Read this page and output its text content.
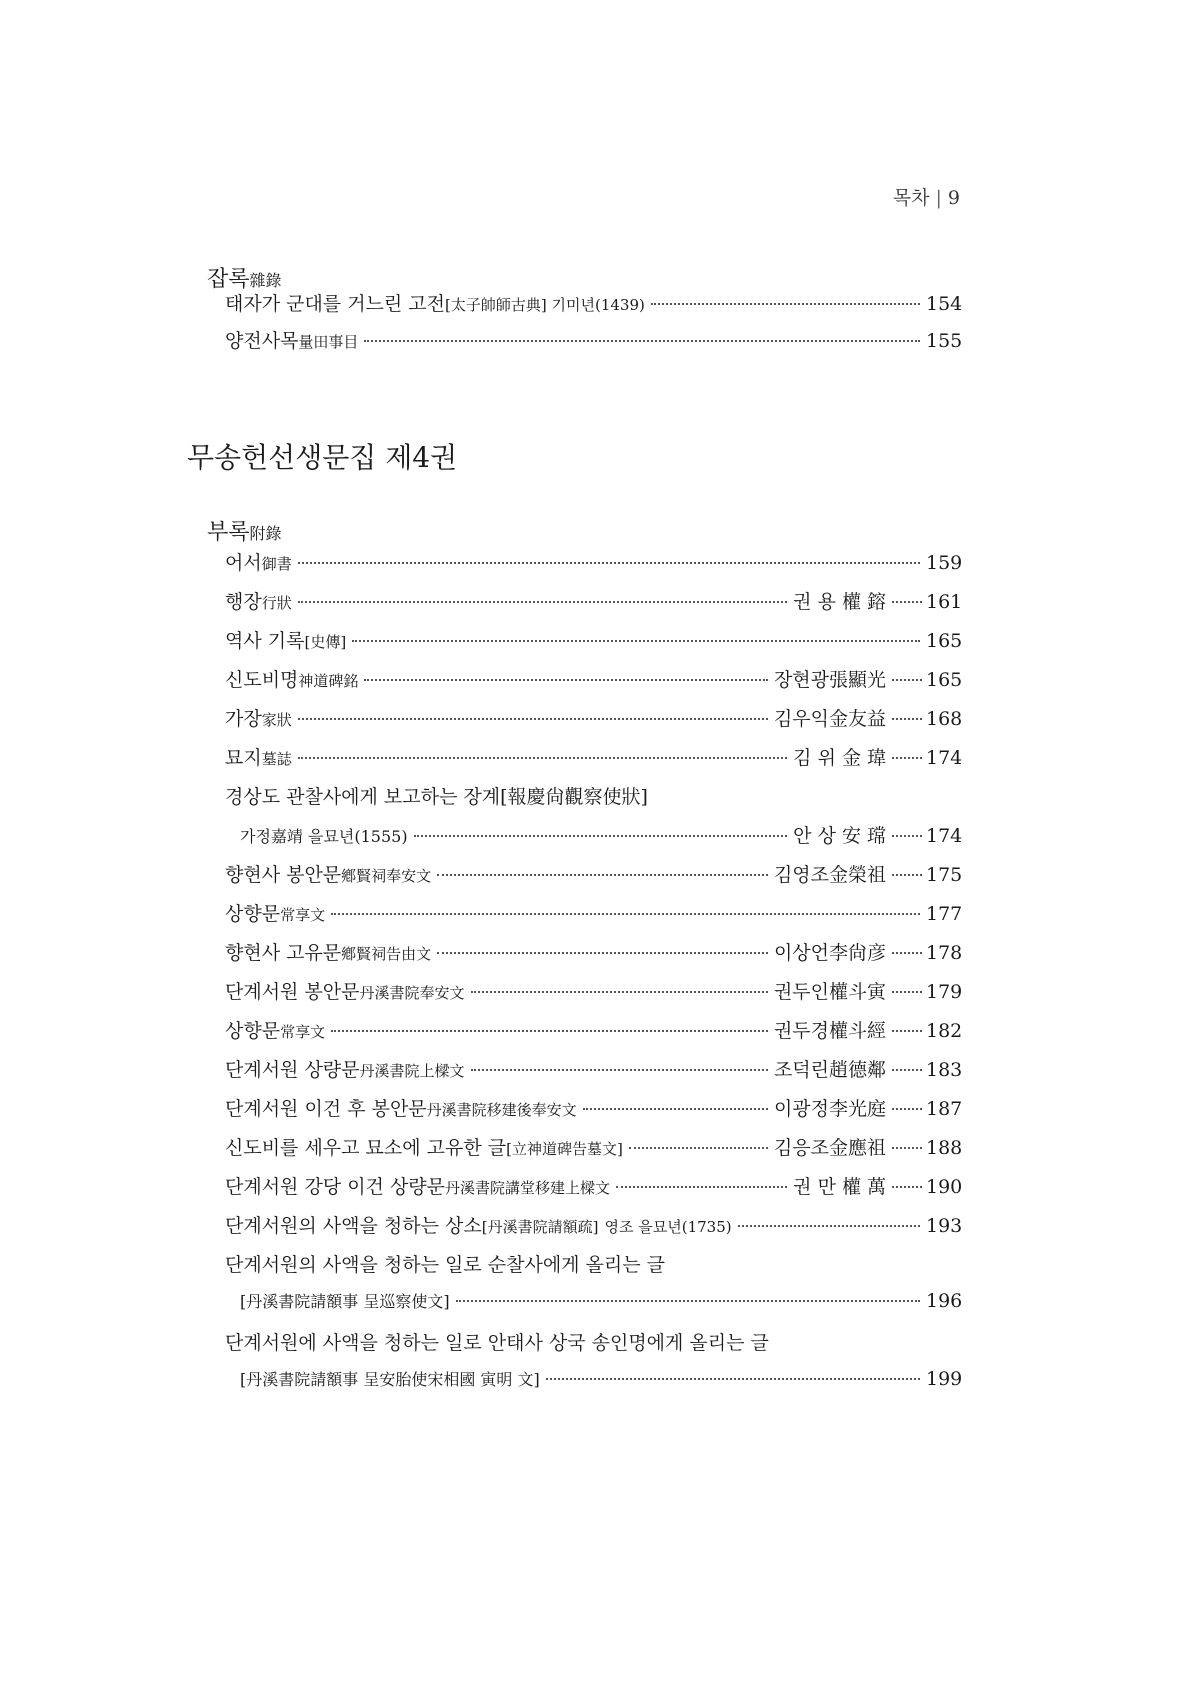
목차 | 9
잡록雜錄
태자가 군대를 거느린 고전[太子帥師古典] 기미년(1439)	154
양전사목量田事目	155
무송헌선생문집 제4권
부록附錄
어서御書	159
행장行狀	권 용 權 鎔 161
역사 기록[史傳]	165
신도비명神道碑銘	장현광張顯光 165
가장家狀	김우익金友益 168
묘지墓誌	김 위 金 瑋 174
경상도 관찰사에게 보고하는 장계[報慶尙觀察使狀]
가정嘉靖 을묘년(1555)	안 상 安 瑺 174
향현사 봉안문鄕賢祠奉安文	김영조金榮祖 175
상향문常享文	177
향현사 고유문鄕賢祠告由文	이상언李尙彦 178
단계서원 봉안문丹溪書院奉安文	권두인權斗寅 179
상향문常享文	권두경權斗經 182
단계서원 상량문丹溪書院上樑文	조덕린趙德鄰 183
단계서원 이건 후 봉안문丹溪書院移建後奉安文	이광정李光庭 187
신도비를 세우고 묘소에 고유한 글[立神道碑告墓文]	김응조金應祖 188
단계서원 강당 이건 상량문丹溪書院講堂移建上樑文	권 만 權 萬 190
단계서원의 사액을 청하는 상소[丹溪書院請額疏] 영조 을묘년(1735)	193
단계서원의 사액을 청하는 일로 순찰사에게 올리는 글
[丹溪書院請額事 呈巡察使文]	196
단계서원에 사액을 청하는 일로 안태사 상국 송인명에게 올리는 글
[丹溪書院請額事 呈安胎使宋相國 寅明 文]	199
